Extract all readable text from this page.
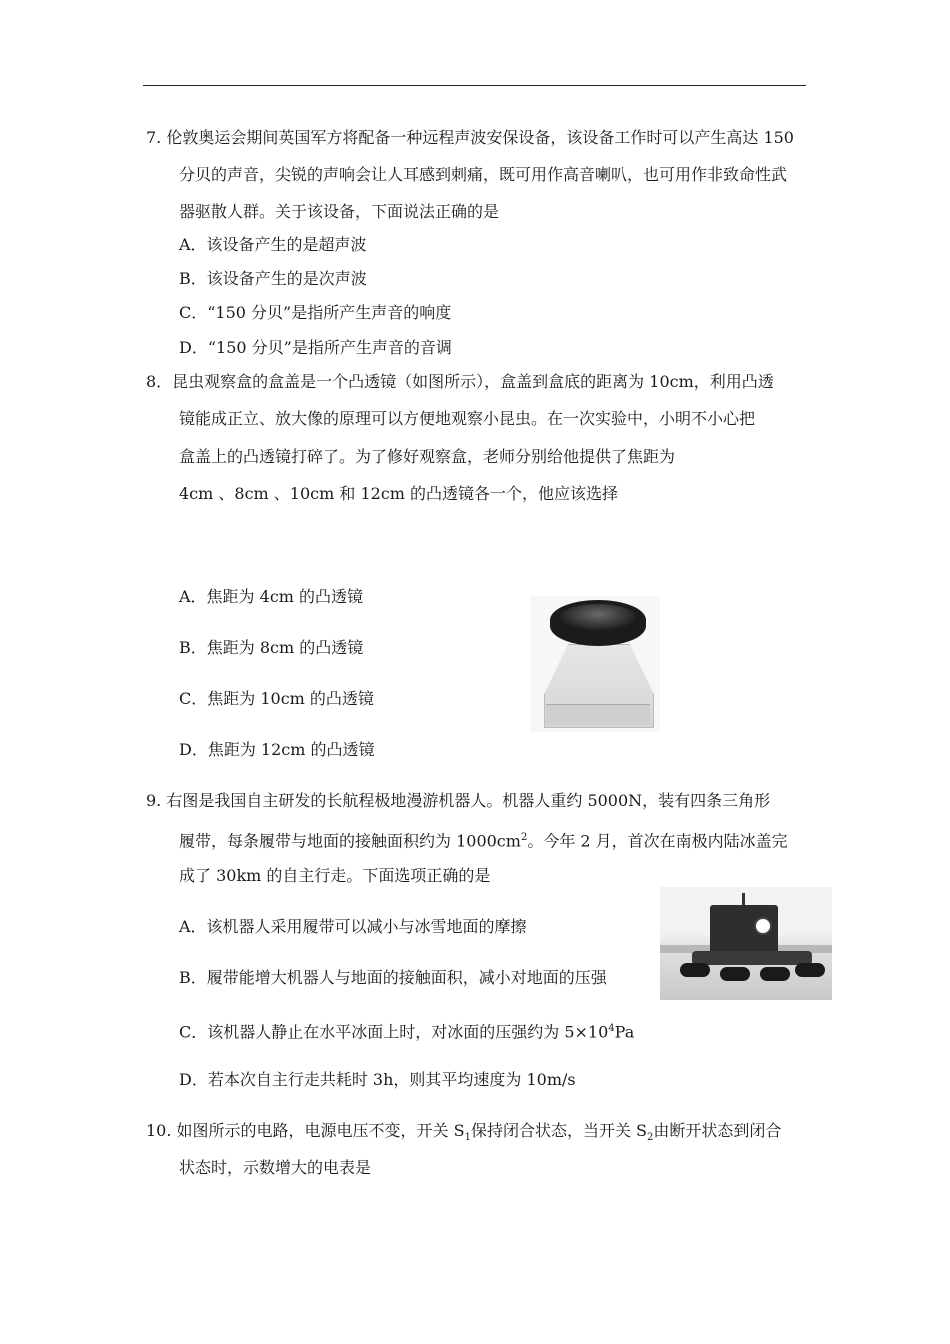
7. 伦敦奥运会期间英国军方将配备一种远程声波安保设备，该设备工作时可以产生高达 150
分贝的声音，尖锐的声响会让人耳感到刺痛，既可用作高音喇叭，也可用作非致命性武
器驱散人群。关于该设备，下面说法正确的是
A．该设备产生的是超声波
B．该设备产生的是次声波
C．“150 分贝”是指所产生声音的响度
D．“150 分贝”是指所产生声音的音调
8．昆虫观察盒的盒盖是一个凸透镜（如图所示），盒盖到盒底的距离为 10cm，利用凸透
镜能成正立、放大像的原理可以方便地观察小昆虫。在一次实验中，小明不小心把
盒盖上的凸透镜打碎了。为了修好观察盒，老师分别给他提供了焦距为
4cm 、8cm 、10cm 和 12cm 的凸透镜各一个，他应该选择
A．焦距为 4cm 的凸透镜
B．焦距为 8cm 的凸透镜
C．焦距为 10cm 的凸透镜
D．焦距为 12cm 的凸透镜
9. 右图是我国自主研发的长航程极地漫游机器人。机器人重约 5000N，装有四条三角形
履带，每条履带与地面的接触面积约为 $1000cm^2$。今年 2 月，首次在南极内陆冰盖完
成了 30km 的自主行走。下面选项正确的是
A．该机器人采用履带可以减小与冰雪地面的摩擦
B．履带能增大机器人与地面的接触面积，减小对地面的压强
C．该机器人静止在水平冰面上时，对冰面的压强约为 $5\times 10^4Pa$
D．若本次自主行走共耗时 3h，则其平均速度为 10m/s
10. 如图所示的电路，电源电压不变，开关 $S_1$保持闭合状态，当开关 $S_2$由断开状态到闭合
状态时，示数增大的电表是
